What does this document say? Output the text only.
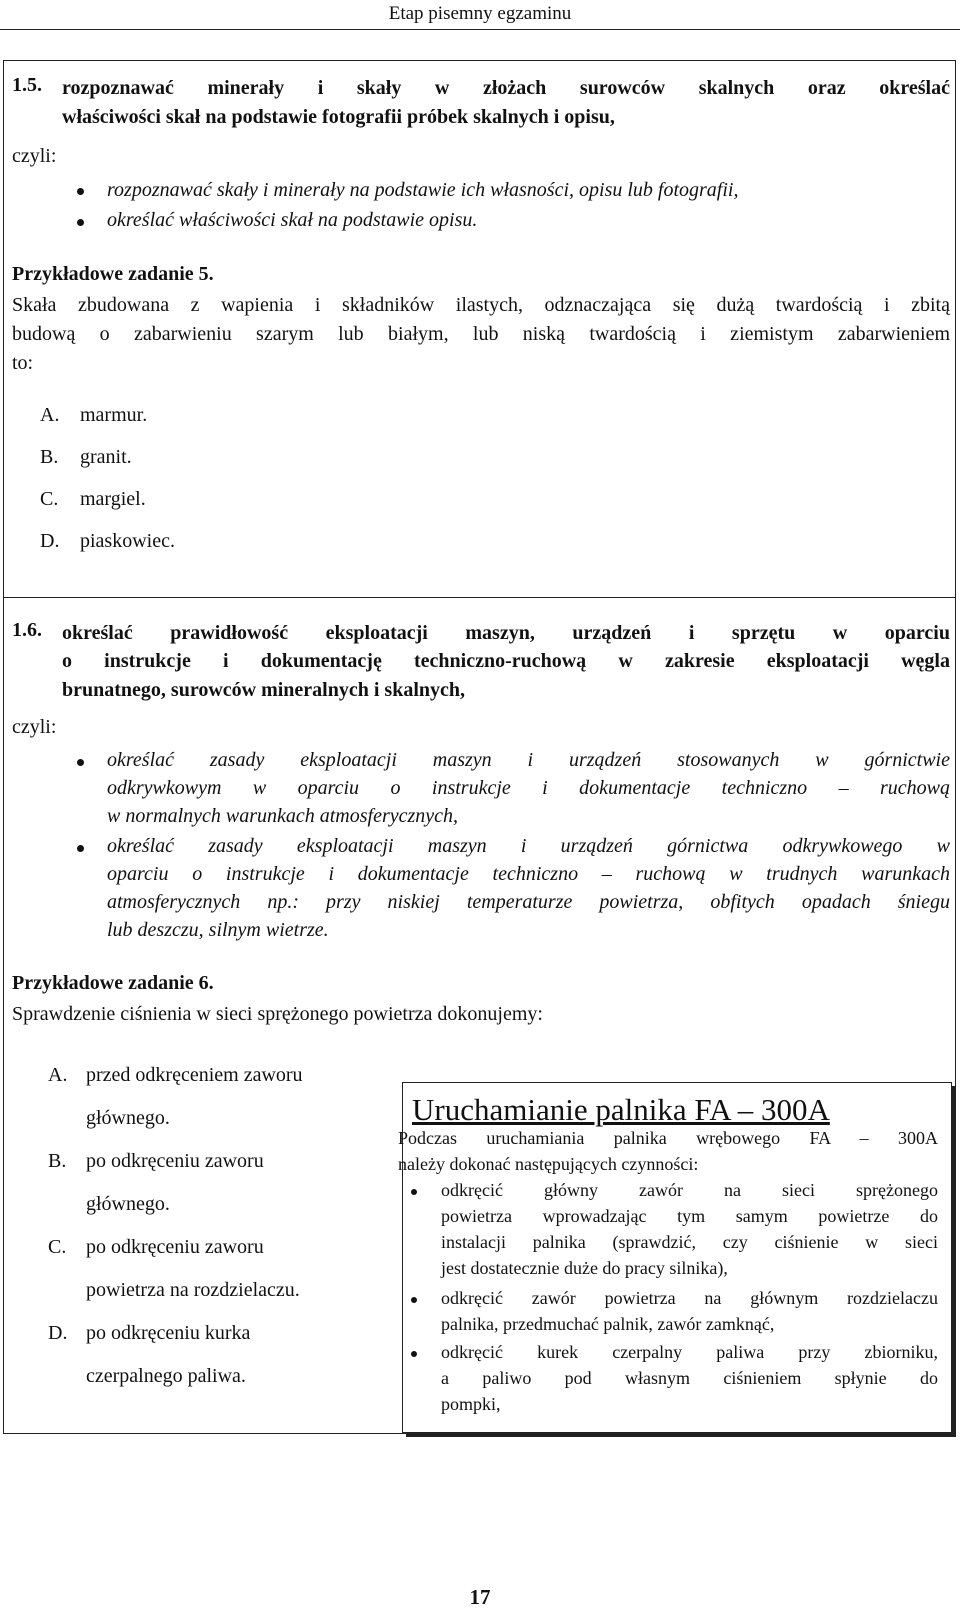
Etap pisemny egzaminu
1.5. rozpoznawać minerały i skały w złożach surowców skalnych oraz określać
właściwości skał na podstawie fotografii próbek skalnych i opisu,
czyli:
rozpoznawać skały i minerały na podstawie ich własności, opisu lub fotografii,
określać właściwości skał na podstawie opisu.
Przykładowe zadanie 5.
Skała zbudowana z wapienia i składników ilastych, odznaczająca się dużą twardością i zbitą
budową o zabarwieniu szarym lub białym, lub niską twardością i ziemistym zabarwieniem
to:
A. marmur.
B. granit.
C. margiel.
D. piaskowiec.
1.6. określać prawidłowość eksploatacji maszyn, urządzeń i sprzętu w oparciu
o instrukcje i dokumentację techniczno-ruchową w zakresie eksploatacji węgla
brunatnego, surowców mineralnych i skalnych,
czyli:
określać zasady eksploatacji maszyn i urządzeń stosowanych w górnictwie
odkrywkowym w oparciu o instrukcje i dokumentacje techniczno – ruchową
w normalnych warunkach atmosferycznych,
określać zasady eksploatacji maszyn i urządzeń górnictwa odkrywkowego w
oparciu o instrukcje i dokumentacje techniczno – ruchową w trudnych warunkach
atmosferycznych np.: przy niskiej temperaturze powietrza, obfitych opadach śniegu
lub deszczu, silnym wietrze.
Przykładowe zadanie 6.
Sprawdzenie ciśnienia w sieci sprężonego powietrza dokonujemy:
A. przed odkręceniem zaworu
głównego.
B. po odkręceniu zaworu
głównego.
C. po odkręceniu zaworu
powietrza na rozdzielaczu.
D. po odkręceniu kurka
czerpalnego paliwa.
Uruchamianie palnika FA – 300A
Podczas uruchamiania palnika wrębowego FA – 300A
należy dokonać następujących czynności:
odkręcić główny zawór na sieci sprężonego
powietrza wprowadzając tym samym powietrze do
instalacji palnika (sprawdzić, czy ciśnienie w sieci
jest dostatecznie duże do pracy silnika),
odkręcić zawór powietrza na głównym rozdzielaczu
palnika, przedmuchać palnik, zawór zamknąć,
odkręcić kurek czerpalny paliwa przy zbiorniku,
a paliwo pod własnym ciśnieniem spłynie do
pompki,
17
